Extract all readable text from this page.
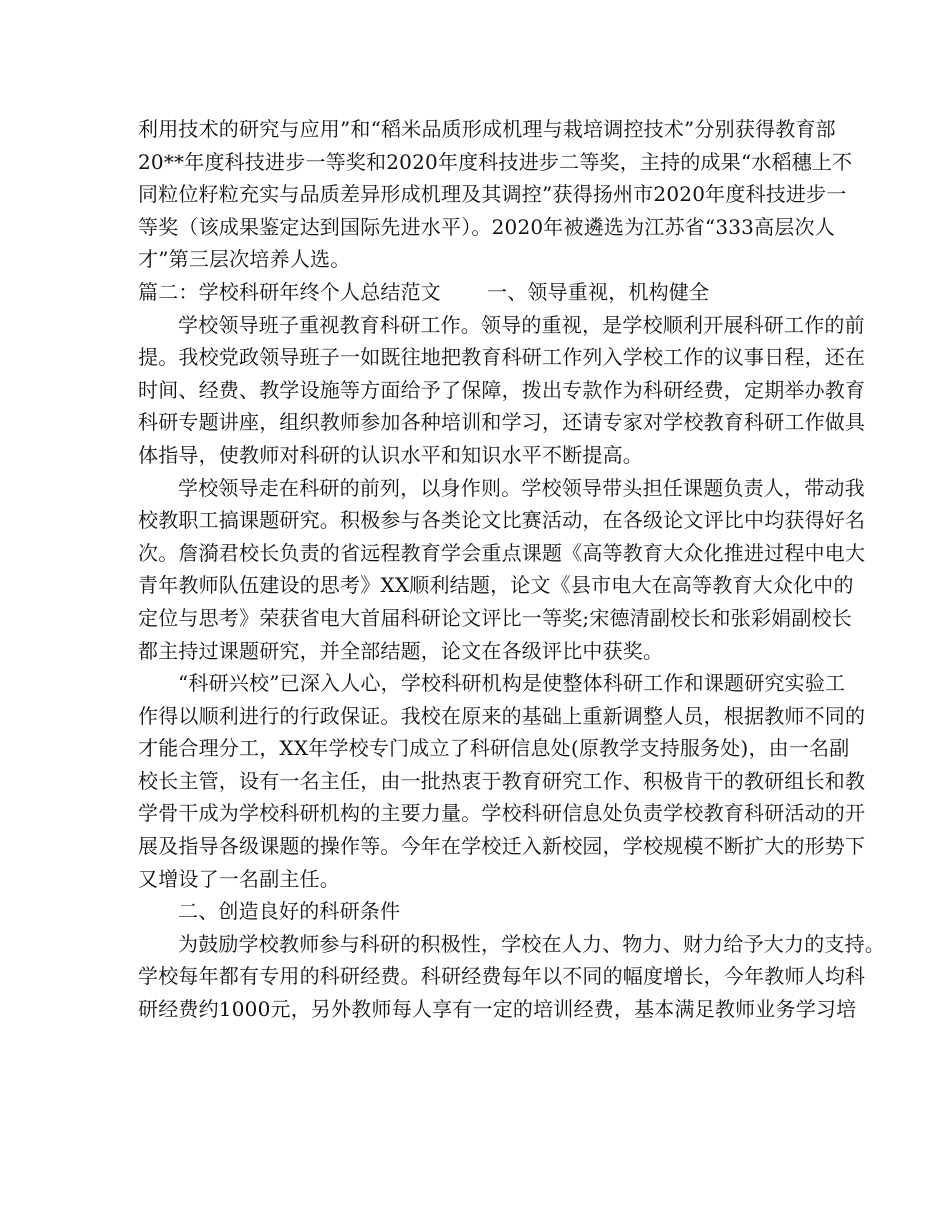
利用技术的研究与应用”和“稻米品质形成机理与栽培调控技术”分别获得教育部
20**年度科技进步一等奖和2020年度科技进步二等奖，主持的成果“水稻穗上不
同粒位籽粒充实与品质差异形成机理及其调控”获得扬州市2020年度科技进步一
等奖（该成果鉴定达到国际先进水平）。2020年被遴选为江苏省“333高层次人
才”第三层次培养人选。
篇二：学校科研年终个人总结范文 一、领导重视，机构健全
学校领导班子重视教育科研工作。领导的重视，是学校顺利开展科研工作的前
提。我校党政领导班子一如既往地把教育科研工作列入学校工作的议事日程，还在
时间、经费、教学设施等方面给予了保障，拨出专款作为科研经费，定期举办教育
科研专题讲座，组织教师参加各种培训和学习，还请专家对学校教育科研工作做具
体指导，使教师对科研的认识水平和知识水平不断提高。
学校领导走在科研的前列，以身作则。学校领导带头担任课题负责人，带动我
校教职工搞课题研究。积极参与各类论文比赛活动，在各级论文评比中均获得好名
次。詹漪君校长负责的省远程教育学会重点课题《高等教育大众化推进过程中电大
青年教师队伍建设的思考》XX顺利结题，论文《县市电大在高等教育大众化中的
定位与思考》荣获省电大首届科研论文评比一等奖;宋德清副校长和张彩娟副校长
都主持过课题研究，并全部结题，论文在各级评比中获奖。
“科研兴校”已深入人心，学校科研机构是使整体科研工作和课题研究实验工
作得以顺利进行的行政保证。我校在原来的基础上重新调整人员，根据教师不同的
才能合理分工，XX年学校专门成立了科研信息处(原教学支持服务处)，由一名副
校长主管，设有一名主任，由一批热衷于教育研究工作、积极肯干的教研组长和教
学骨干成为学校科研机构的主要力量。学校科研信息处负责学校教育科研活动的开
展及指导各级课题的操作等。今年在学校迁入新校园，学校规模不断扩大的形势下
又增设了一名副主任。
二、创造良好的科研条件
为鼓励学校教师参与科研的积极性，学校在人力、物力、财力给予大力的支持。
学校每年都有专用的科研经费。科研经费每年以不同的幅度增长，今年教师人均科
研经费约1000元，另外教师每人享有一定的培训经费，基本满足教师业务学习培
